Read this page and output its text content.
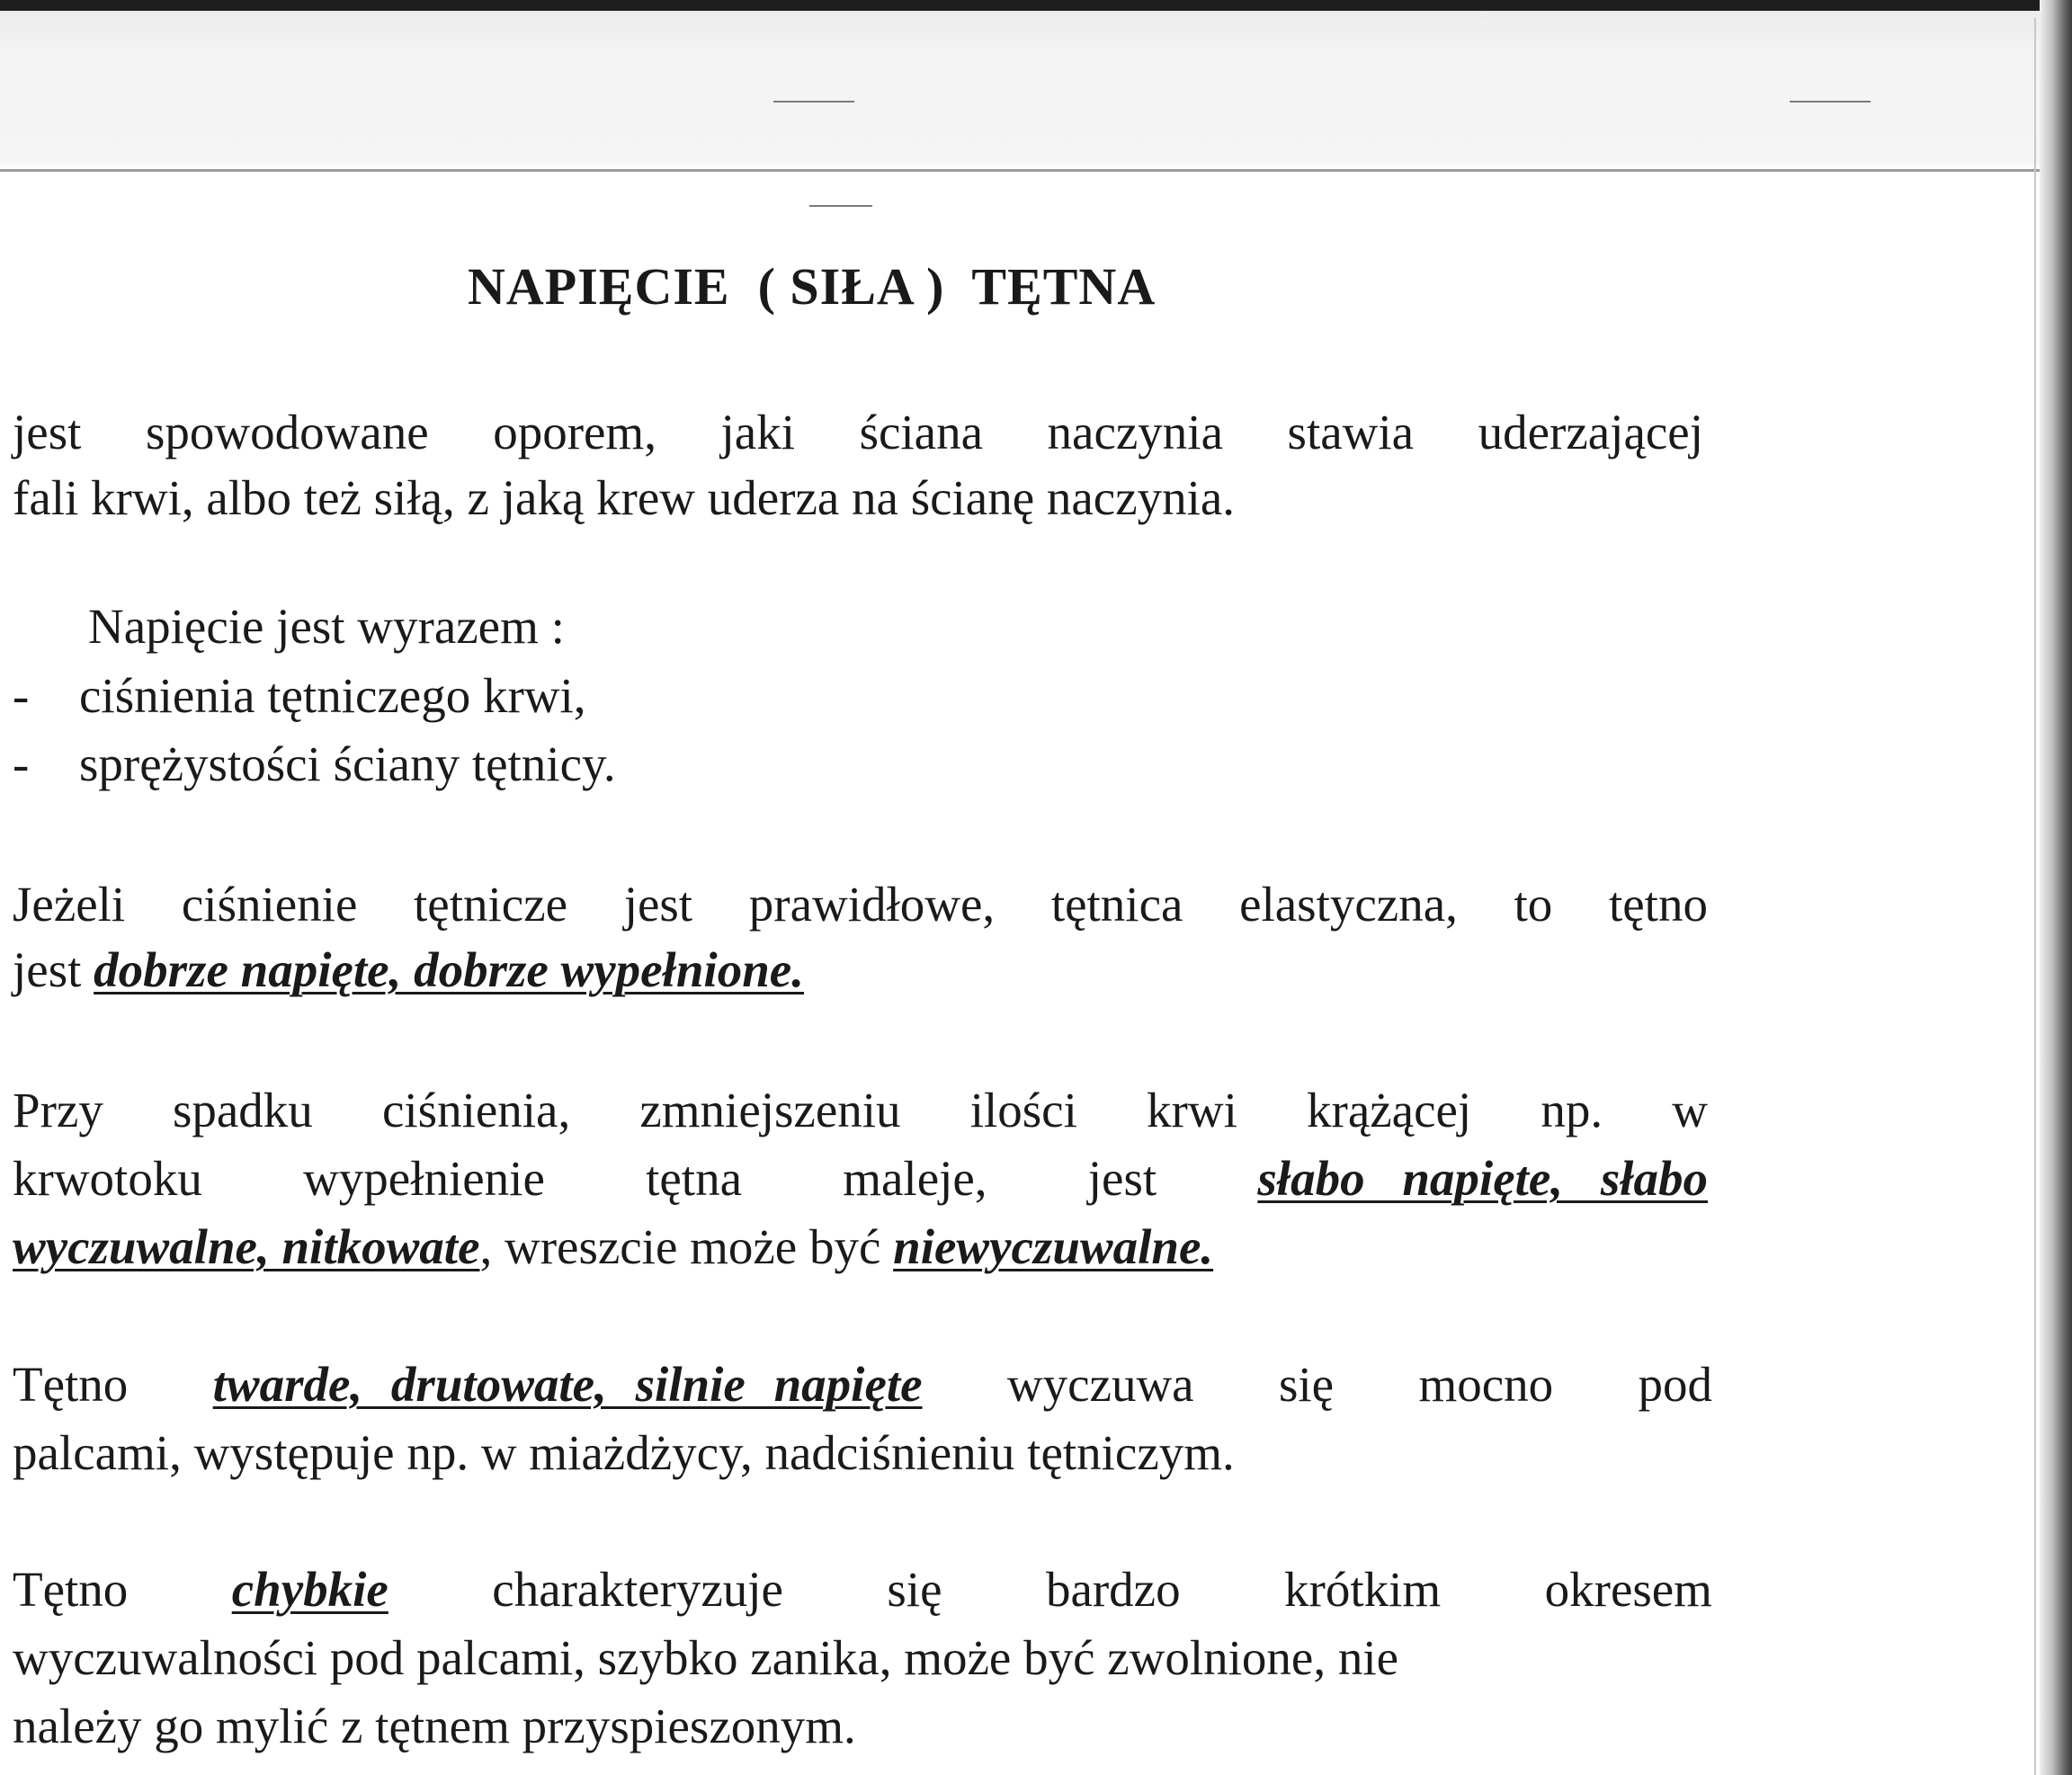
NAPIĘCIE  ( SIŁA )  TĘTNA
jest spowodowane oporem, jaki ściana naczynia stawia uderzającej
fali krwi, albo też siłą, z jaką krew uderza na ścianę naczynia.
Napięcie jest wyrazem :
- ciśnienia tętniczego krwi,
- sprężystości ściany tętnicy.
Jeżeli ciśnienie tętnicze jest prawidłowe, tętnica elastyczna, to tętno
jest dobrze napięte, dobrze wypełnione.
Przy spadku ciśnienia, zmniejszeniu ilości krwi krążącej np. w
krwotoku wypełnienie tętna maleje, jest słabo napięte, słabo
wyczuwalne, nitkowate, wreszcie może być niewyczuwalne.
Tętno twarde, drutowate, silnie napięte wyczuwa się mocno pod
palcami, występuje np. w miażdżycy, nadciśnieniu tętniczym.
Tętno chybkie charakteryzuje się bardzo krótkim okresem
wyczuwalności pod palcami, szybko zanika, może być zwolnione, nie
należy go mylić z tętnem przyspieszonym.
